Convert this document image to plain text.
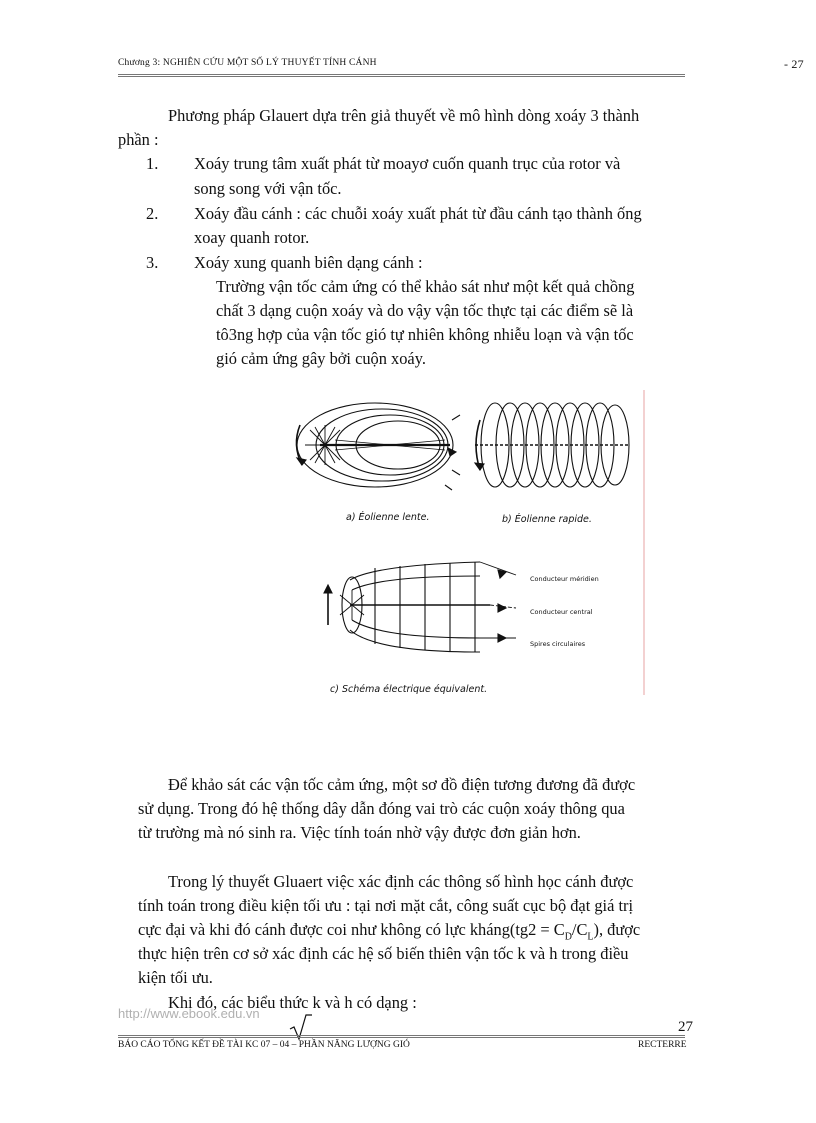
Chương 3: NGHIÊN CỨU MỘT SỐ LÝ THUYẾT TÍNH CÁNH	- 27
Phương pháp Glauert dựa trên giả thuyết về mô hình dòng xoáy 3 thành
phần :
1. Xoáy trung tâm xuất phát từ moayơ cuốn quanh trục của rotor và
song song với vận tốc.
2. Xoáy đầu cánh : các chuỗi xoáy xuất phát từ đầu cánh tạo thành ống
xoay quanh rotor.
3. Xoáy xung quanh biên dạng cánh :
Trường vận tốc cảm ứng có thể khảo sát như một kết quả chồng
chất 3 dạng cuộn xoáy và do vậy vận tốc thực tại các điểm sẽ là
tô3ng hợp của vận tốc gió tự nhiên không nhiễu loạn và vận tốc
gió cảm ứng gây bởi cuộn xoáy.
a) Éolienne lente.	b) Éolienne rapide.
Conducteur méridien
Conducteur central
Spires circulaires
c) Schéma électrique équivalent.
Để khảo sát các vận tốc cảm ứng, một sơ đồ điện tương đương đã được
sử dụng. Trong đó hệ thống dây dẫn đóng vai trò các cuộn xoáy thông qua
từ trường mà nó sinh ra. Việc tính toán nhờ vậy được đơn giản hơn.
Trong lý thuyết Gluaert việc xác định các thông số hình học cánh được
tính toán trong điều kiện tối ưu : tại nơi mặt cắt, công suất cục bộ đạt giá trị
cực đại và khi đó cánh được coi như không có lực kháng(tg2 = $C_D/C_L$), được
thực hiện trên cơ sở xác định các hệ số biến thiên vận tốc k và h trong điều
kiện tối ưu.
Khi đó, các biểu thức k và h có dạng :
http://www.ebook.edu.vn
27
BÁO CÁO TỔNG KẾT ĐỀ TÀI KC 07 – 04 – PHẦN NĂNG LƯỢNG GIÓ	RECTERRE
